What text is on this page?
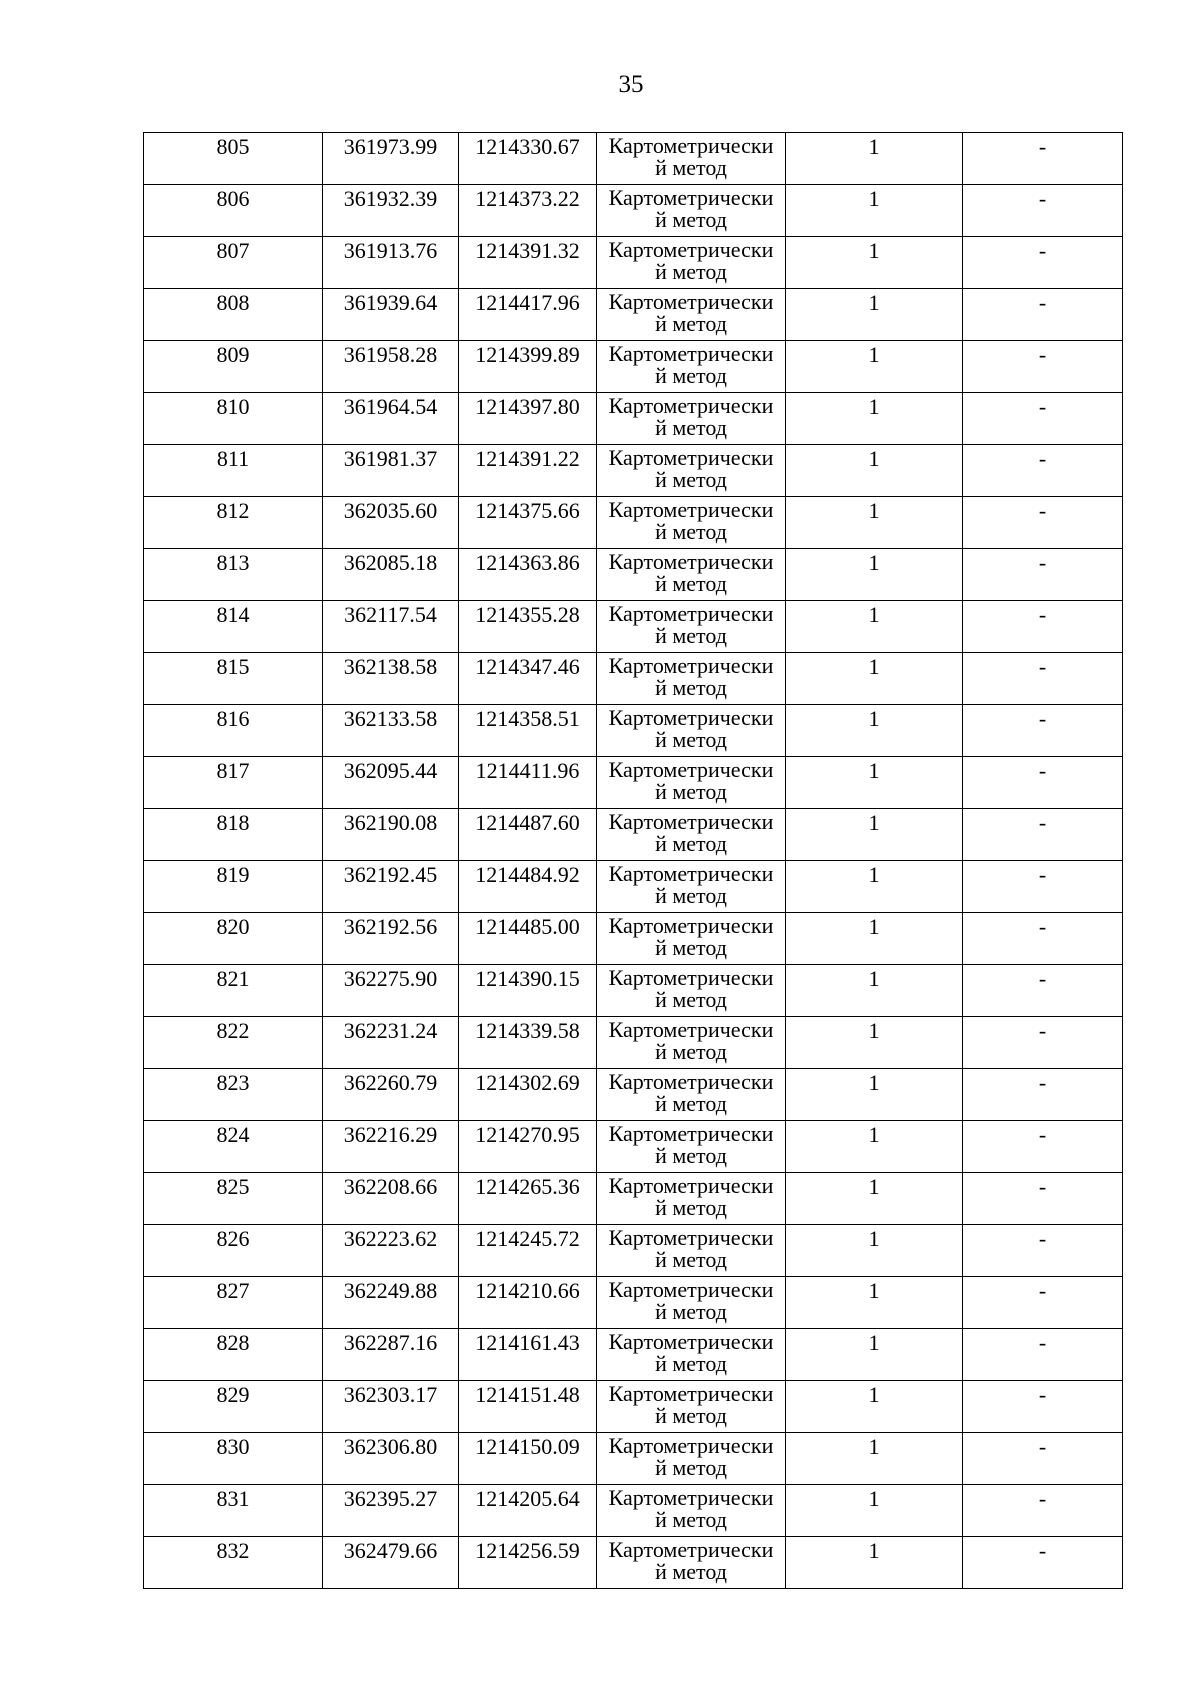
35
805	361973.99	1214330.67	Картометрически
й метод	1	-
806	361932.39	1214373.22	Картометрически
й метод	1	-
807	361913.76	1214391.32	Картометрически
й метод	1	-
808	361939.64	1214417.96	Картометрически
й метод	1	-
809	361958.28	1214399.89	Картометрически
й метод	1	-
810	361964.54	1214397.80	Картометрически
й метод	1	-
811	361981.37	1214391.22	Картометрически
й метод	1	-
812	362035.60	1214375.66	Картометрически
й метод	1	-
813	362085.18	1214363.86	Картометрически
й метод	1	-
814	362117.54	1214355.28	Картометрически
й метод	1	-
815	362138.58	1214347.46	Картометрически
й метод	1	-
816	362133.58	1214358.51	Картометрически
й метод	1	-
817	362095.44	1214411.96	Картометрически
й метод	1	-
818	362190.08	1214487.60	Картометрически
й метод	1	-
819	362192.45	1214484.92	Картометрически
й метод	1	-
820	362192.56	1214485.00	Картометрически
й метод	1	-
821	362275.90	1214390.15	Картометрически
й метод	1	-
822	362231.24	1214339.58	Картометрически
й метод	1	-
823	362260.79	1214302.69	Картометрически
й метод	1	-
824	362216.29	1214270.95	Картометрически
й метод	1	-
825	362208.66	1214265.36	Картометрически
й метод	1	-
826	362223.62	1214245.72	Картометрически
й метод	1	-
827	362249.88	1214210.66	Картометрически
й метод	1	-
828	362287.16	1214161.43	Картометрически
й метод	1	-
829	362303.17	1214151.48	Картометрически
й метод	1	-
830	362306.80	1214150.09	Картометрически
й метод	1	-
831	362395.27	1214205.64	Картометрически
й метод	1	-
832	362479.66	1214256.59	Картометрически
й метод	1	-
